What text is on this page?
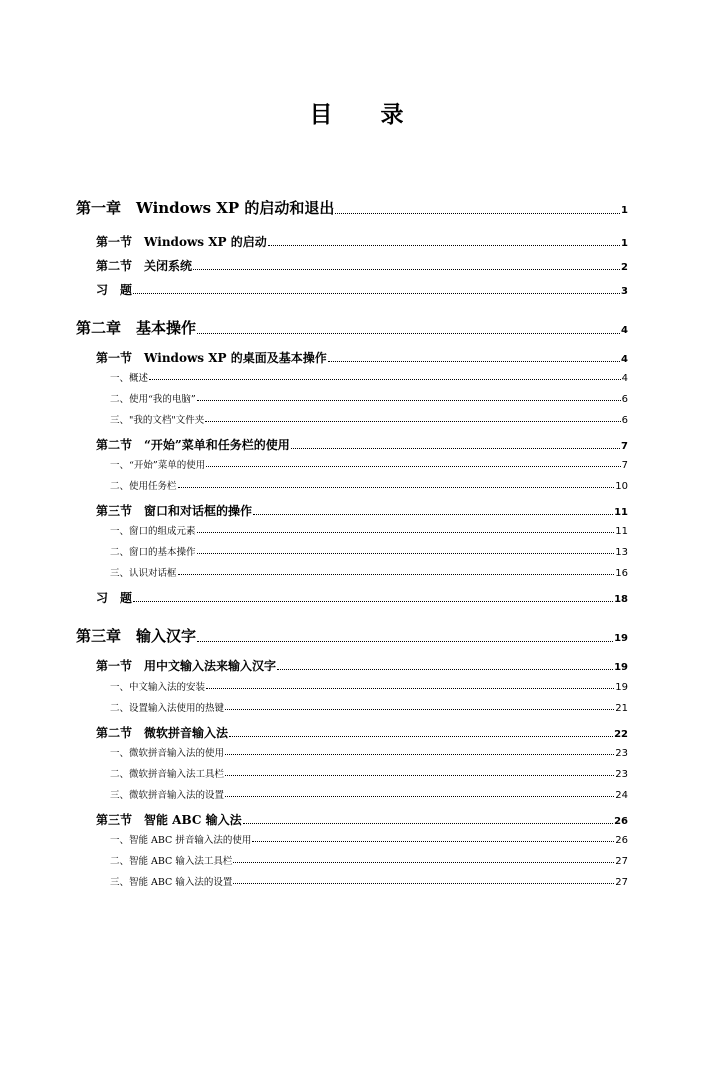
目 录
第一章　Windows XP 的启动和退出	1
第一节　Windows XP 的启动	1
第二节　关闭系统	2
习　题	3
第二章　基本操作	4
第一节　Windows XP 的桌面及基本操作	4
一、概述	4
二、使用“我的电脑”	6
三、"我的文档"文件夹	6
第二节　“开始”菜单和任务栏的使用	7
一、“开始”菜单的使用	7
二、使用任务栏	10
第三节　窗口和对话框的操作	11
一、窗口的组成元素	11
二、窗口的基本操作	13
三、认识对话框	16
习　题	18
第三章　输入汉字	19
第一节　用中文输入法来输入汉字	19
一、中文输入法的安装	19
二、设置输入法使用的热键	21
第二节　微软拼音输入法	22
一、微软拼音输入法的使用	23
二、微软拼音输入法工具栏	23
三、微软拼音输入法的设置	24
第三节　智能 ABC 输入法	26
一、智能 ABC 拼音输入法的使用	26
二、智能 ABC 输入法工具栏	27
三、智能 ABC 输入法的设置	27
